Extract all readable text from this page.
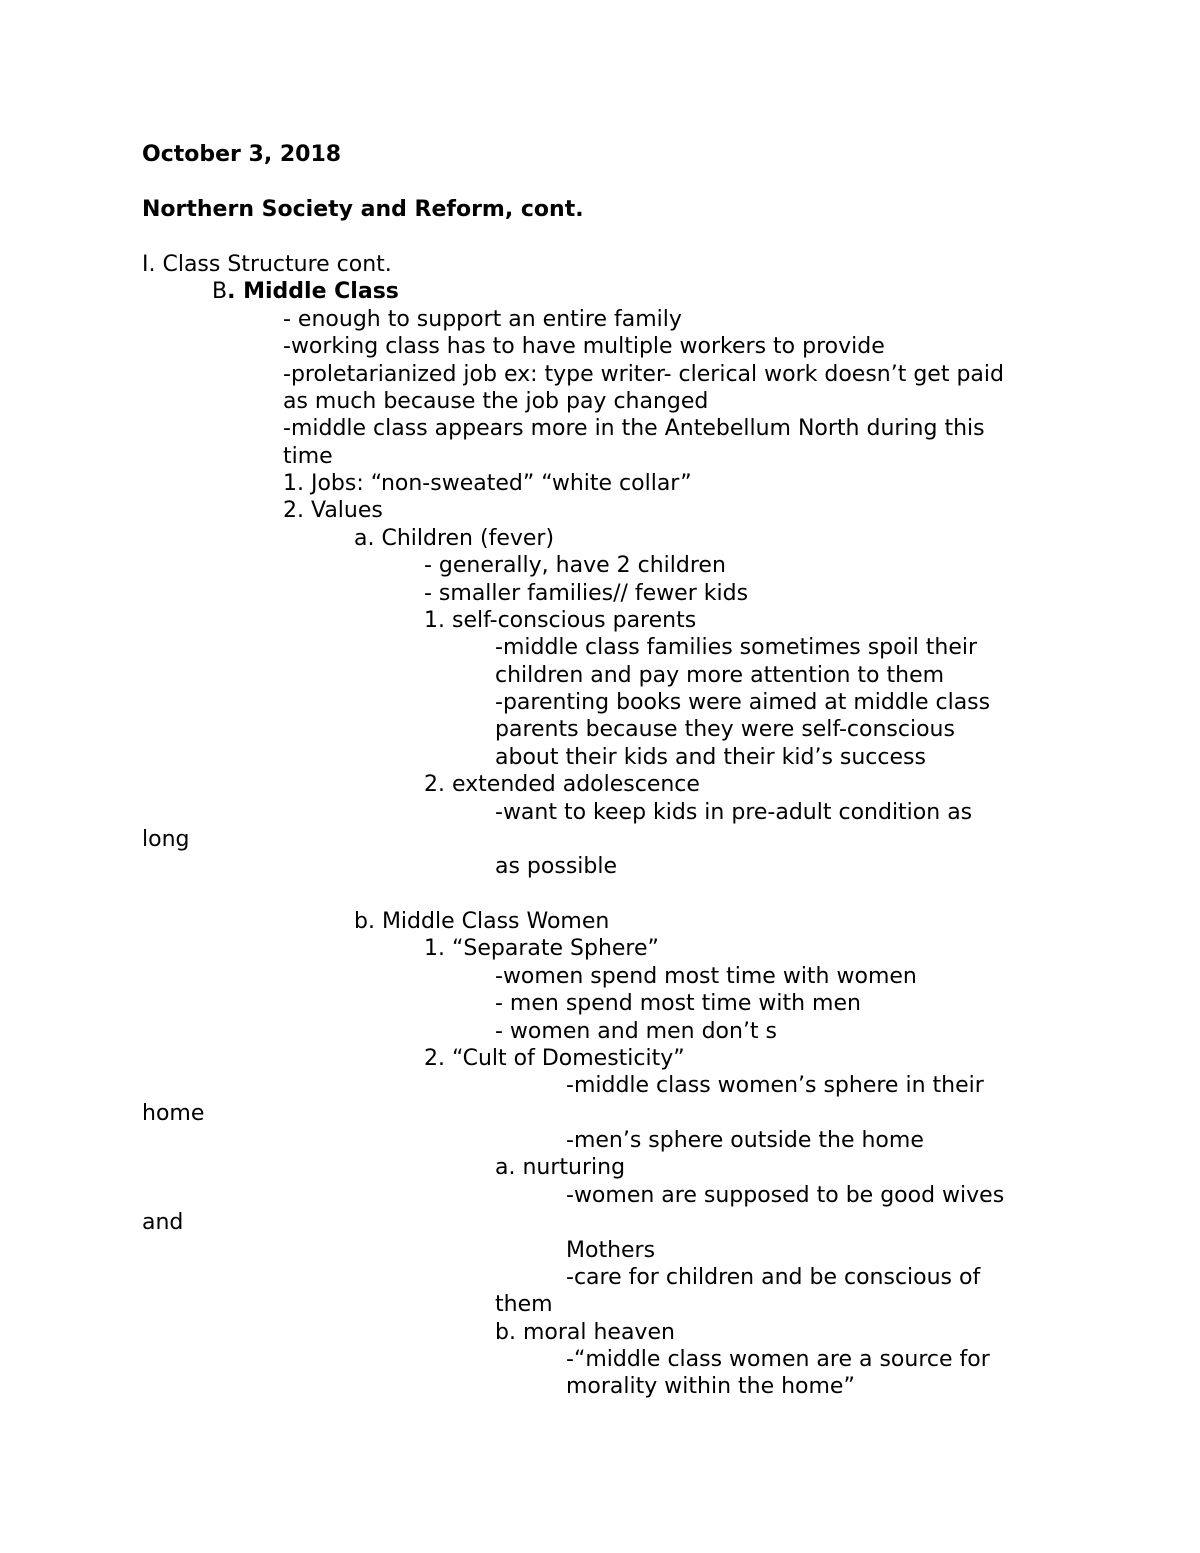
October 3, 2018
Northern Society and Reform, cont.
I. Class Structure cont.
B. Middle Class
- enough to support an entire family
-working class has to have multiple workers to provide
-proletarianized job ex: type writer- clerical work doesn’t get paid
as much because the job pay changed
-middle class appears more in the Antebellum North during this
time
1. Jobs: “non-sweated” “white collar”
2. Values
a. Children (fever)
- generally, have 2 children
- smaller families// fewer kids
1. self-conscious parents
-middle class families sometimes spoil their
children and pay more attention to them
-parenting books were aimed at middle class
parents because they were self-conscious
about their kids and their kid’s success
2. extended adolescence
-want to keep kids in pre-adult condition as
long
as possible
b. Middle Class Women
1. “Separate Sphere”
-women spend most time with women
- men spend most time with men
- women and men don’t s
2. “Cult of Domesticity”
-middle class women’s sphere in their
home
-men’s sphere outside the home
a. nurturing
-women are supposed to be good wives
and
Mothers
-care for children and be conscious of
them
b. moral heaven
-“middle class women are a source for
morality within the home”
